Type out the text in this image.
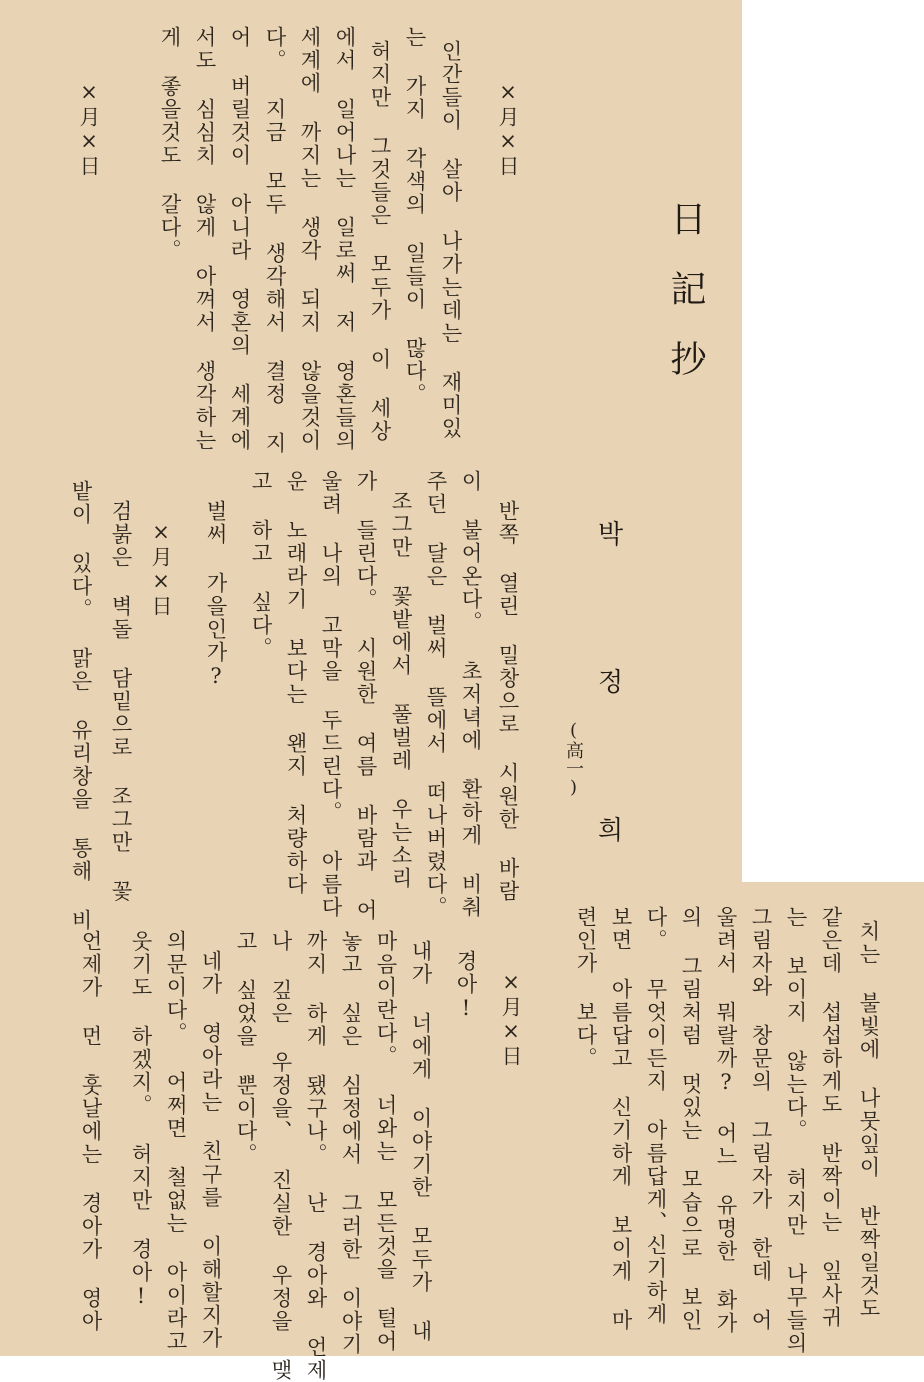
日記抄
박 정 희
(高一)
×月×日
인간들이 살아 나가는데는 재미있
는 가지 각색의 일들이 많다。
허지만 그것들은 모두가 이 세상
에서 일어나는 일로써 저 영혼들의
세계에 까지는 생각 되지 않을것이
다。 지금 모두 생각해서 결정 지
어 버릴것이 아니라 영혼의 세계에
서도 심심치 않게 아껴서 생각하는
게 좋을것도 갈다。
×月×日
반쪽 열린 밀창으로 시원한 바람
이 불어온다。 초저녁에 환하게 비춰
주던 달은 벌써 뜰에서 떠나버렸다。
조그만 꽃밭에서 풀벌레 우는소리
가 들린다。 시원한 여름 바람과 어
울려 나의 고막을 두드린다。 아름다
운 노래라기 보다는 왠지 처량하다
고 하고 싶다。
벌써 가을인가?
×月×日
검붉은 벽돌 담밑으로 조그만 꽃
밭이 있다。 맑은 유리창을 통해 비
치는 불빛에 나뭇잎이 반짝일것도
같은데 섭섭하게도 반짝이는 잎사귀
는 보이지 않는다。 허지만 나무들의
그림자와 창문의 그림자가 한데 어
울려서 뭐랄까? 어느 유명한 화가
의 그림처럼 멋있는 모습으로 보인
다。 무엇이든지 아름답게、신기하게
보면 아름답고 신기하게 보이게 마
련인가 보다。
×月×日
경아!
내가 너에게 이야기한 모두가 내
마음이란다。 너와는 모든것을 털어
놓고 싶은 심정에서 그러한 이야기
까지 하게 됐구나。 난 경아와 언제
나 깊은 우정을、 진실한 우정을 맺
고 싶었을 뿐이다。
네가 영아라는 친구를 이해할지가
의문이다。 어쩌면 철없는 아이라고
웃기도 하겠지。 허지만 경아!
언제가 먼 훗날에는 경아가 영아
